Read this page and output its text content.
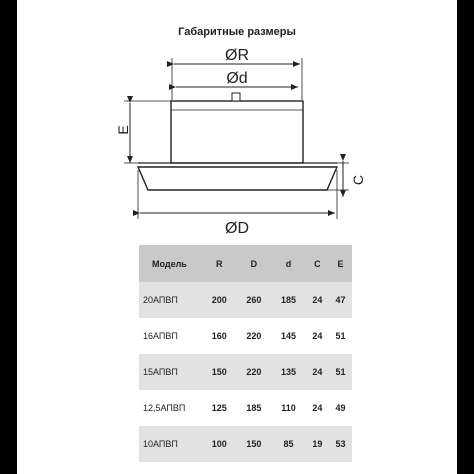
Габаритные размеры
ØR
Ød
E
C
ØD
Модель	R	D	d	C	E
20АПВП	200	260	185	24	47
16АПВП	160	220	145	24	51
15АПВП	150	220	135	24	51
12,5АПВП	125	185	110	24	49
10АПВП	100	150	85	19	53
